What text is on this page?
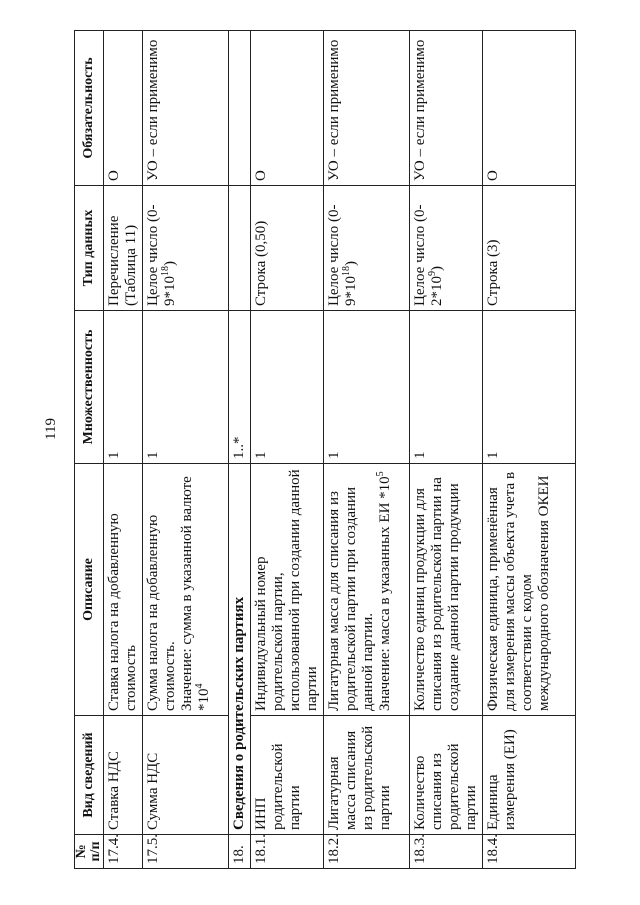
119
№ п/п	Вид сведений	Описание	Множественность	Тип данных	Обязательность
17.4.	Ставка НДС	Ставка налога на добавленную стоимость	1	Перечисление (Таблица 11)	О
17.5.	Сумма НДС	Сумма налога на добавленную стоимость. Значение: сумма в указанной валюте $*10^4$	1	Целое число $(0-9*10^{18})$	УО – если применимо
18.	Сведения о родительских партиях		1..*		
18.1.	ИНП родительской партии	Индивидуальный номер родительской партии, использованной при создании данной партии	1	Строка (0,50)	О
18.2.	Лигатурная масса списания из родительской партии	Лигатурная масса для списания из родительской партии при создании данной партии. Значение: масса в указанных ЕИ $*10^5$	1	Целое число $(0-9*10^{18})$	УО – если применимо
18.3.	Количество списания из родительской партии	Количество единиц продукции для списания из родительской партии на создание данной партии продукции	1	Целое число $(0-2*10^9)$	УО – если применимо
18.4.	Единица измерения (ЕИ)	Физическая единица, применённая для измерения массы объекта учета в соответствии с кодом международного обозначения ОКЕИ	1	Строка (3)	О
